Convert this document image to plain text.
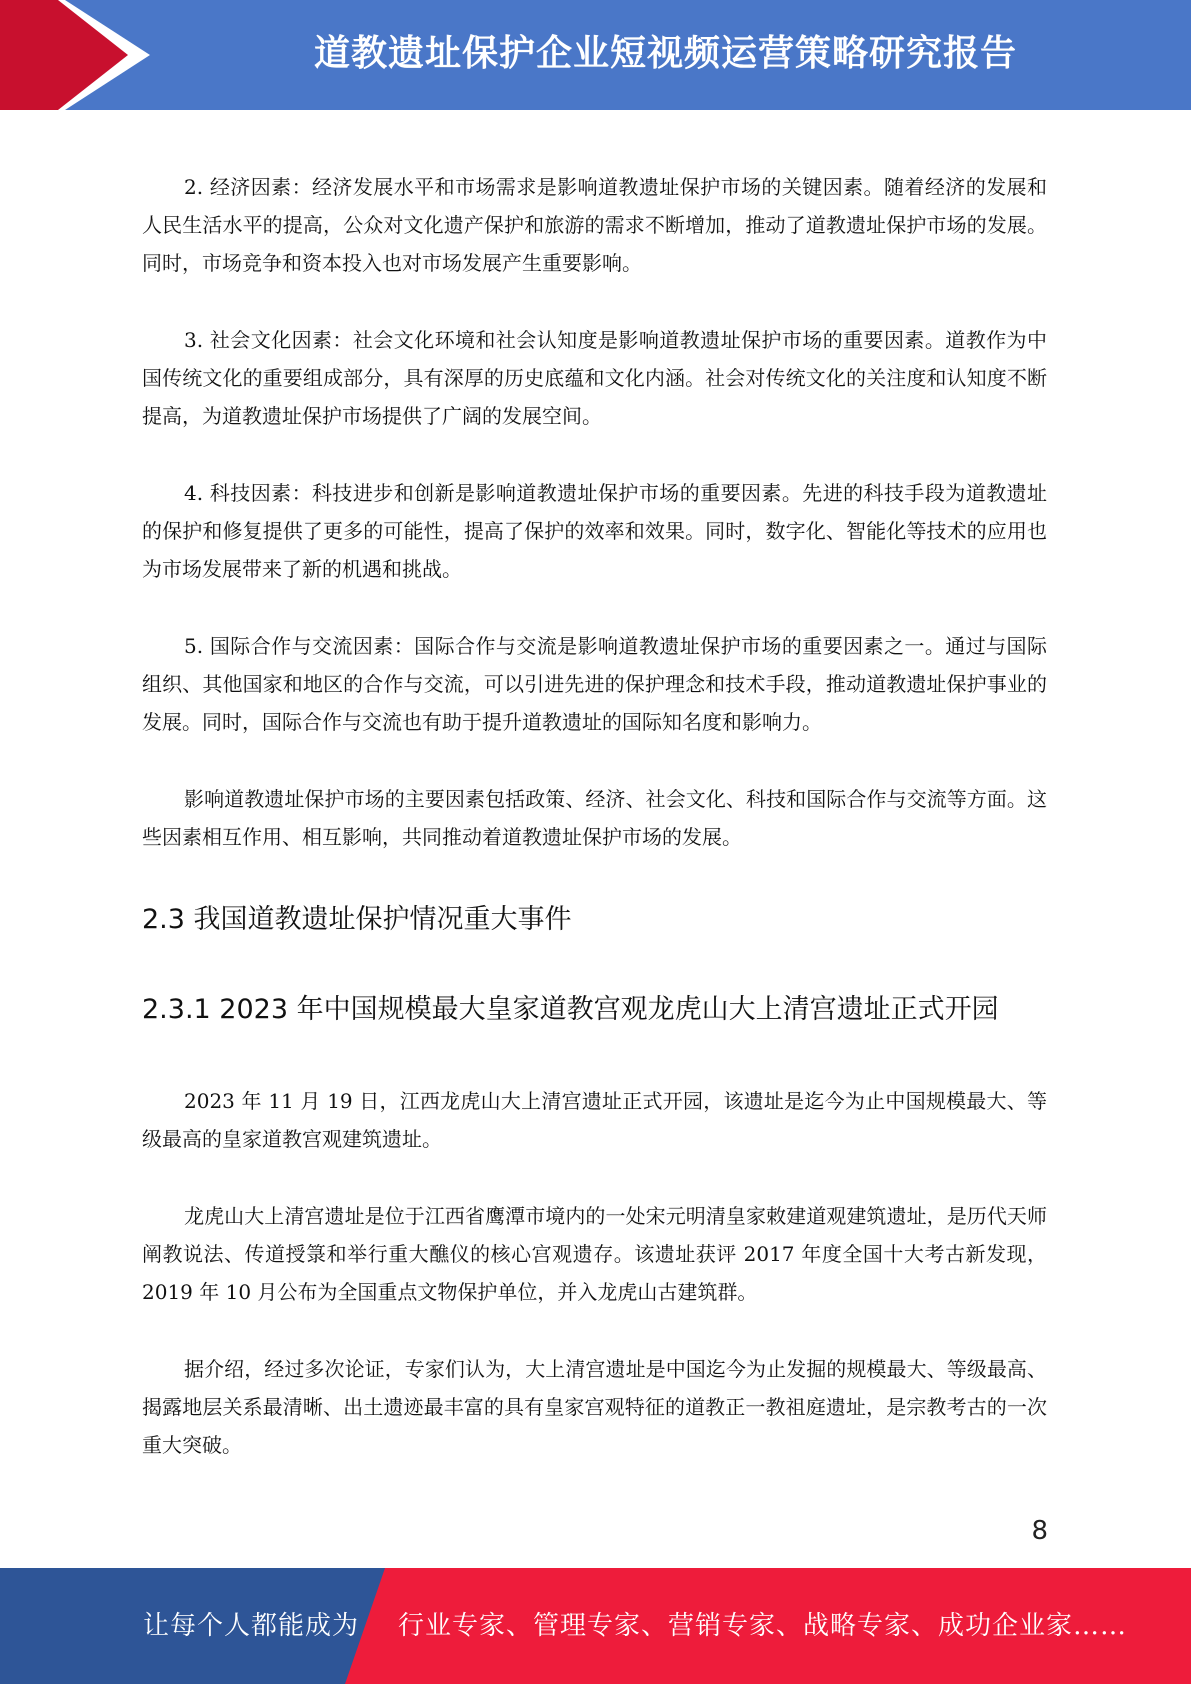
道教遗址保护企业短视频运营策略研究报告

2. 经济因素：经济发展水平和市场需求是影响道教遗址保护市场的关键因素。随着经济的发展和人民生活水平的提高，公众对文化遗产保护和旅游的需求不断增加，推动了道教遗址保护市场的发展。同时，市场竞争和资本投入也对市场发展产生重要影响。

3. 社会文化因素：社会文化环境和社会认知度是影响道教遗址保护市场的重要因素。道教作为中国传统文化的重要组成部分，具有深厚的历史底蕴和文化内涵。社会对传统文化的关注度和认知度不断提高，为道教遗址保护市场提供了广阔的发展空间。

4. 科技因素：科技进步和创新是影响道教遗址保护市场的重要因素。先进的科技手段为道教遗址的保护和修复提供了更多的可能性，提高了保护的效率和效果。同时，数字化、智能化等技术的应用也为市场发展带来了新的机遇和挑战。

5. 国际合作与交流因素：国际合作与交流是影响道教遗址保护市场的重要因素之一。通过与国际组织、其他国家和地区的合作与交流，可以引进先进的保护理念和技术手段，推动道教遗址保护事业的发展。同时，国际合作与交流也有助于提升道教遗址的国际知名度和影响力。

影响道教遗址保护市场的主要因素包括政策、经济、社会文化、科技和国际合作与交流等方面。这些因素相互作用、相互影响，共同推动着道教遗址保护市场的发展。

2.3 我国道教遗址保护情况重大事件
2.3.1 2023 年中国规模最大皇家道教宫观龙虎山大上清宫遗址正式开园

2023 年 11 月 19 日，江西龙虎山大上清宫遗址正式开园，该遗址是迄今为止中国规模最大、等级最高的皇家道教宫观建筑遗址。

龙虎山大上清宫遗址是位于江西省鹰潭市境内的一处宋元明清皇家敕建道观建筑遗址，是历代天师阐教说法、传道授箓和举行重大醮仪的核心宫观遗存。该遗址获评 2017 年度全国十大考古新发现，2019 年 10 月公布为全国重点文物保护单位，并入龙虎山古建筑群。

据介绍，经过多次论证，专家们认为，大上清宫遗址是中国迄今为止发掘的规模最大、等级最高、揭露地层关系最清晰、出土遗迹最丰富的具有皇家宫观特征的道教正一教祖庭遗址，是宗教考古的一次重大突破。

8
让每个人都能成为 行业专家、管理专家、营销专家、战略专家、成功企业家……
